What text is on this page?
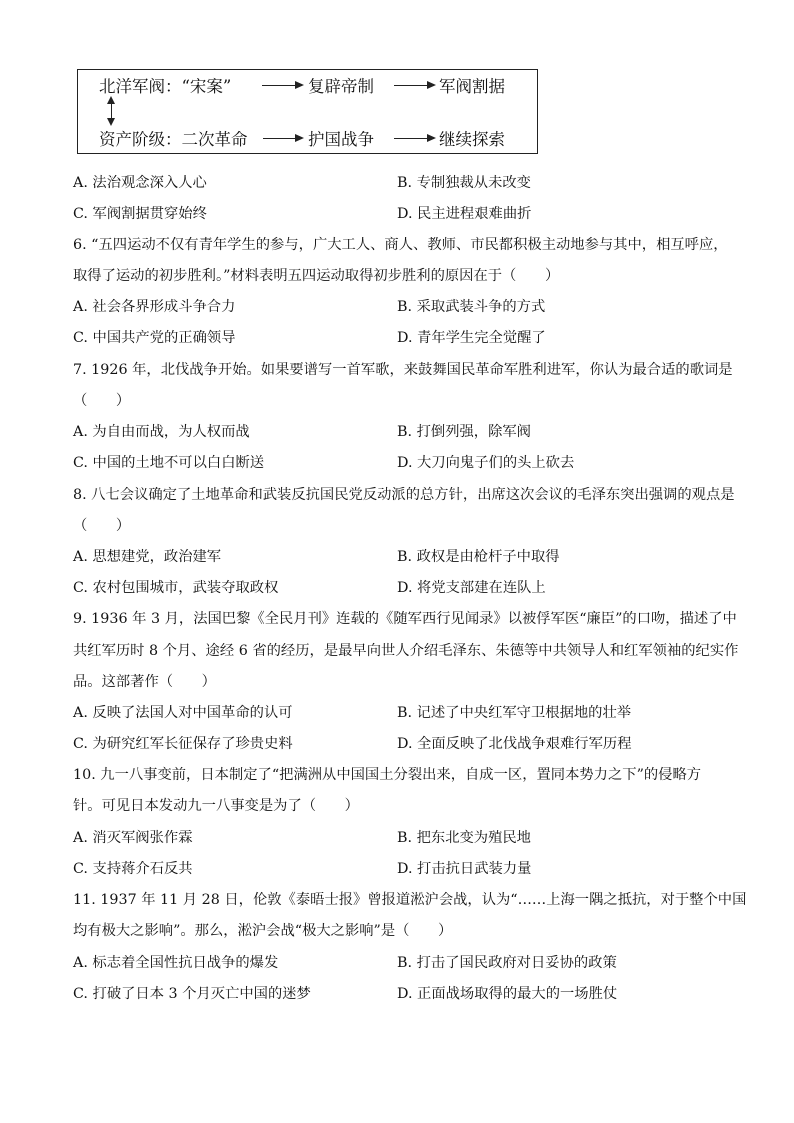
北洋军阀：“宋案”	复辟帝制	军阀割据
资产阶级：二次革命	护国战争	继续探索
A. 法治观念深入人心	B. 专制独裁从未改变
C. 军阀割据贯穿始终	D. 民主进程艰难曲折
6. “五四运动不仅有青年学生的参与，广大工人、商人、教师、市民都积极主动地参与其中，相互呼应，
取得了运动的初步胜利。”材料表明五四运动取得初步胜利的原因在于（　　）
A. 社会各界形成斗争合力	B. 采取武装斗争的方式
C. 中国共产党的正确领导	D. 青年学生完全觉醒了
7. 1926 年，北伐战争开始。如果要谱写一首军歌，来鼓舞国民革命军胜利进军，你认为最合适的歌词是
（　　）
A. 为自由而战，为人权而战	B. 打倒列强，除军阀
C. 中国的土地不可以白白断送	D. 大刀向鬼子们的头上砍去
8. 八七会议确定了土地革命和武装反抗国民党反动派的总方针，出席这次会议的毛泽东突出强调的观点是
（　　）
A. 思想建党，政治建军	B. 政权是由枪杆子中取得
C. 农村包围城市，武装夺取政权	D. 将党支部建在连队上
9. 1936 年 3 月，法国巴黎《全民月刊》连载的《随军西行见闻录》以被俘军医“廉臣”的口吻，描述了中
共红军历时 8 个月、途经 6 省的经历，是最早向世人介绍毛泽东、朱德等中共领导人和红军领袖的纪实作
品。这部著作（　　）
A. 反映了法国人对中国革命的认可	B. 记述了中央红军守卫根据地的壮举
C. 为研究红军长征保存了珍贵史料	D. 全面反映了北伐战争艰难行军历程
10. 九一八事变前，日本制定了“把满洲从中国国土分裂出来，自成一区，置同本势力之下”的侵略方
针。可见日本发动九一八事变是为了（　　）
A. 消灭军阀张作霖	B. 把东北变为殖民地
C. 支持蒋介石反共	D. 打击抗日武装力量
11. 1937 年 11 月 28 日，伦敦《泰晤士报》曾报道淞沪会战，认为“……上海一隅之抵抗，对于整个中国
均有极大之影响”。那么，淞沪会战“极大之影响”是（　　）
A. 标志着全国性抗日战争的爆发	B. 打击了国民政府对日妥协的政策
C. 打破了日本 3 个月灭亡中国的迷梦	D. 正面战场取得的最大的一场胜仗
